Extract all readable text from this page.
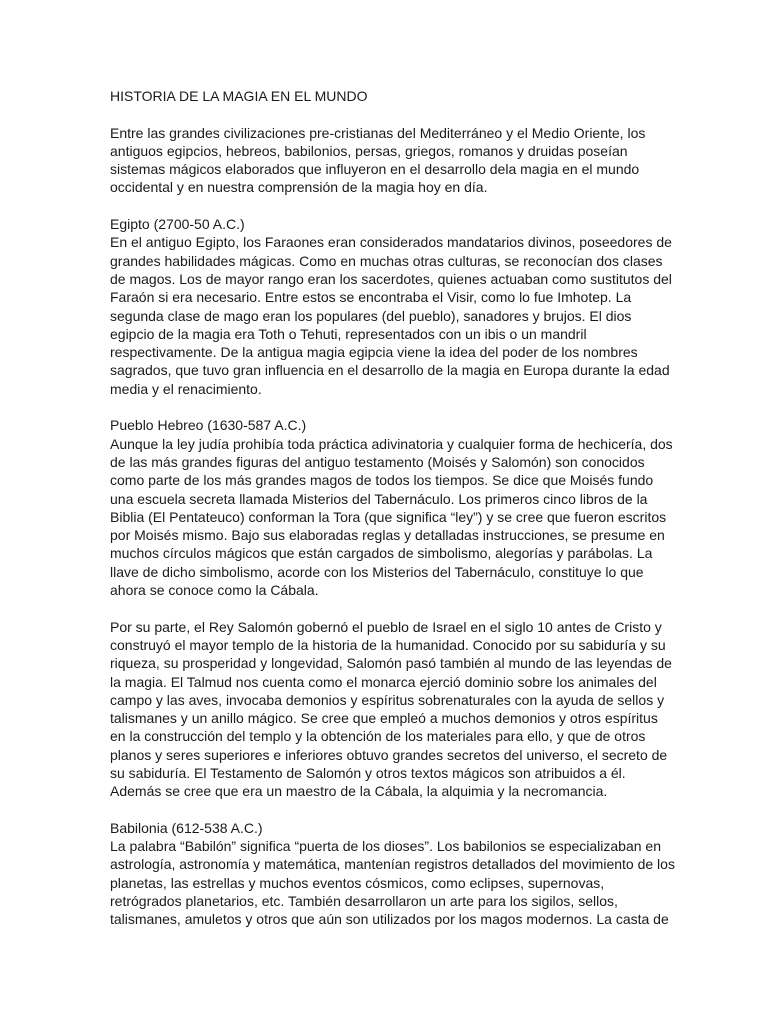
HISTORIA DE LA MAGIA EN EL MUNDO

Entre las grandes civilizaciones pre-cristianas del Mediterráneo y el Medio Oriente, los
antiguos egipcios, hebreos, babilonios, persas, griegos, romanos y druidas poseían
sistemas mágicos elaborados que influyeron en el desarrollo dela magia en el mundo
occidental y en nuestra comprensión de la magia hoy en día.

Egipto (2700-50 A.C.)
En el antiguo Egipto, los Faraones eran considerados mandatarios divinos, poseedores de
grandes habilidades mágicas. Como en muchas otras culturas, se reconocían dos clases
de magos. Los de mayor rango eran los sacerdotes, quienes actuaban como sustitutos del
Faraón si era necesario. Entre estos se encontraba el Visir, como lo fue Imhotep. La
segunda clase de mago eran los populares (del pueblo), sanadores y brujos. El dios
egipcio de la magia era Toth o Tehuti, representados con un ibis o un mandril
respectivamente. De la antigua magia egipcia viene la idea del poder de los nombres
sagrados, que tuvo gran influencia en el desarrollo de la magia en Europa durante la edad
media y el renacimiento.

Pueblo Hebreo (1630-587 A.C.)
Aunque la ley judía prohibía toda práctica adivinatoria y cualquier forma de hechicería, dos
de las más grandes figuras del antiguo testamento (Moisés y Salomón) son conocidos
como parte de los más grandes magos de todos los tiempos. Se dice que Moisés fundo
una escuela secreta llamada Misterios del Tabernáculo. Los primeros cinco libros de la
Biblia (El Pentateuco) conforman la Tora (que significa “ley”) y se cree que fueron escritos
por Moisés mismo. Bajo sus elaboradas reglas y detalladas instrucciones, se presume en
muchos círculos mágicos que están cargados de simbolismo, alegorías y parábolas. La
llave de dicho simbolismo, acorde con los Misterios del Tabernáculo, constituye lo que
ahora se conoce como la Cábala.

Por su parte, el Rey Salomón gobernó el pueblo de Israel en el siglo 10 antes de Cristo y
construyó el mayor templo de la historia de la humanidad. Conocido por su sabiduría y su
riqueza, su prosperidad y longevidad, Salomón pasó también al mundo de las leyendas de
la magia. El Talmud nos cuenta como el monarca ejerció dominio sobre los animales del
campo y las aves, invocaba demonios y espíritus sobrenaturales con la ayuda de sellos y
talismanes y un anillo mágico. Se cree que empleó a muchos demonios y otros espíritus
en la construcción del templo y la obtención de los materiales para ello, y que de otros
planos y seres superiores e inferiores obtuvo grandes secretos del universo, el secreto de
su sabiduría. El Testamento de Salomón y otros textos mágicos son atribuidos a él.
Además se cree que era un maestro de la Cábala, la alquimia y la necromancia.

Babilonia (612-538 A.C.)
La palabra “Babilón” significa “puerta de los dioses”. Los babilonios se especializaban en
astrología, astronomía y matemática, mantenían registros detallados del movimiento de los
planetas, las estrellas y muchos eventos cósmicos, como eclipses, supernovas,
retrógrados planetarios, etc. También desarrollaron un arte para los sigilos, sellos,
talismanes, amuletos y otros que aún son utilizados por los magos modernos. La casta de
